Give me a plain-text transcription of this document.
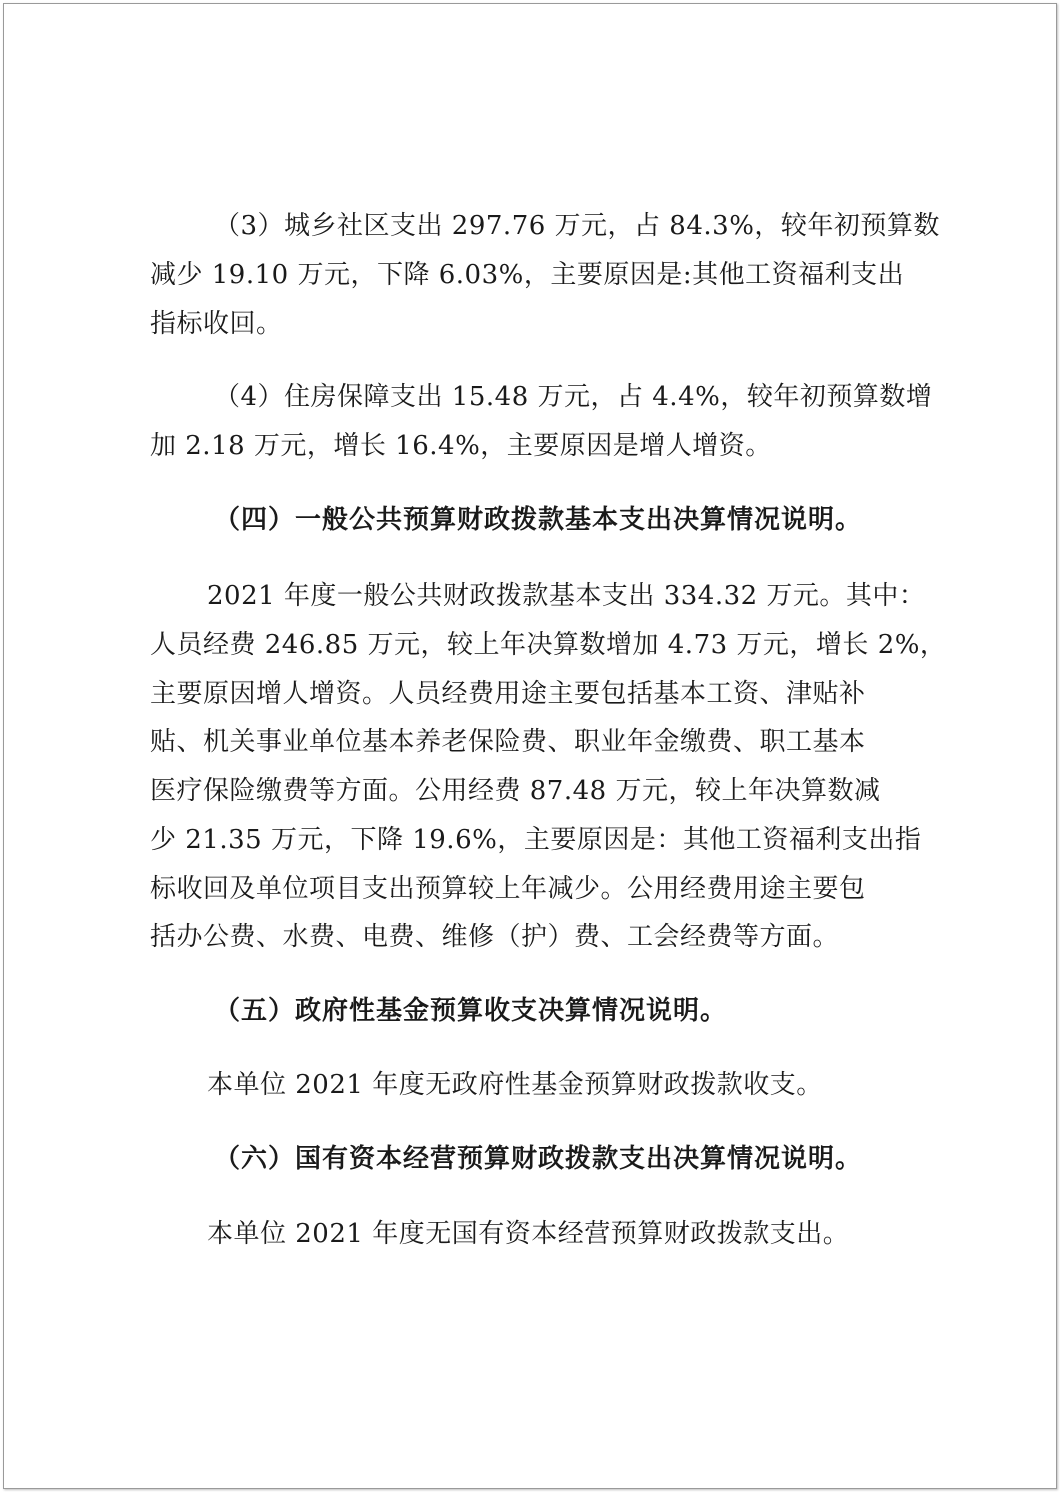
（3）城乡社区支出 297.76 万元，占 84.3%，较年初预算数
减少 19.10 万元，下降 6.03%，主要原因是:其他工资福利支出
指标收回。
（4）住房保障支出 15.48 万元，占 4.4%，较年初预算数增
加 2.18 万元，增长 16.4%，主要原因是增人增资。
（四）一般公共预算财政拨款基本支出决算情况说明。
2021 年度一般公共财政拨款基本支出 334.32 万元。其中：
人员经费 246.85 万元，较上年决算数增加 4.73 万元，增长 2%，
主要原因增人增资。人员经费用途主要包括基本工资、津贴补
贴、机关事业单位基本养老保险费、职业年金缴费、职工基本
医疗保险缴费等方面。公用经费 87.48 万元，较上年决算数减
少 21.35 万元，下降 19.6%，主要原因是：其他工资福利支出指
标收回及单位项目支出预算较上年减少。公用经费用途主要包
括办公费、水费、电费、维修（护）费、工会经费等方面。
（五）政府性基金预算收支决算情况说明。
本单位 2021 年度无政府性基金预算财政拨款收支。
（六）国有资本经营预算财政拨款支出决算情况说明。
本单位 2021 年度无国有资本经营预算财政拨款支出。
